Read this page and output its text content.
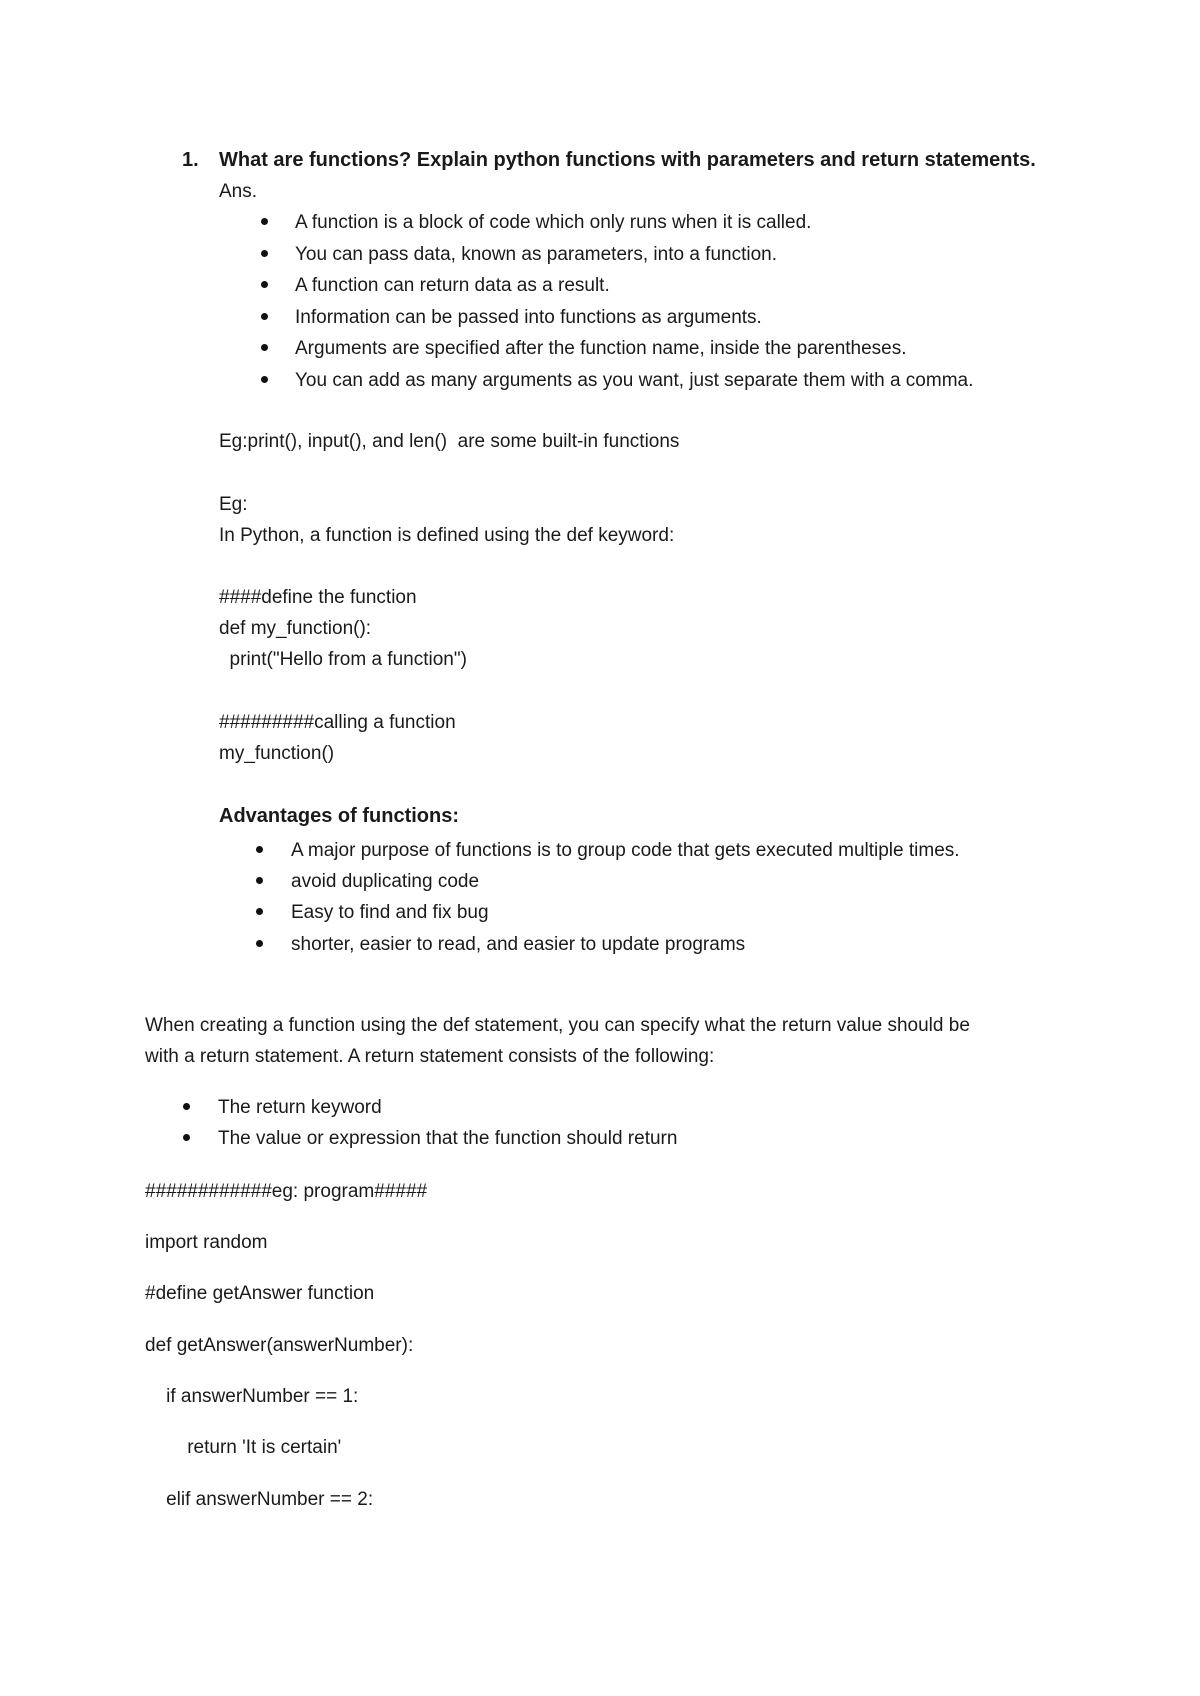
1. What are functions? Explain python functions with parameters and return statements.
Ans.
A function is a block of code which only runs when it is called.
You can pass data, known as parameters, into a function.
A function can return data as a result.
Information can be passed into functions as arguments.
Arguments are specified after the function name, inside the parentheses.
You can add as many arguments as you want, just separate them with a comma.
Eg:print(), input(), and len()  are some built-in functions
Eg:
In Python, a function is defined using the def keyword:
####define the function
def my_function():
print("Hello from a function")
#########calling a function
my_function()
Advantages of functions:
A major purpose of functions is to group code that gets executed multiple times.
avoid duplicating code
Easy to find and fix bug
shorter, easier to read, and easier to update programs
When creating a function using the def statement, you can specify what the return value should be
with a return statement. A return statement consists of the following:
The return keyword
The value or expression that the function should return
############eg: program#####
import random
#define getAnswer function
def getAnswer(answerNumber):
if answerNumber == 1:
return 'It is certain'
elif answerNumber == 2:
